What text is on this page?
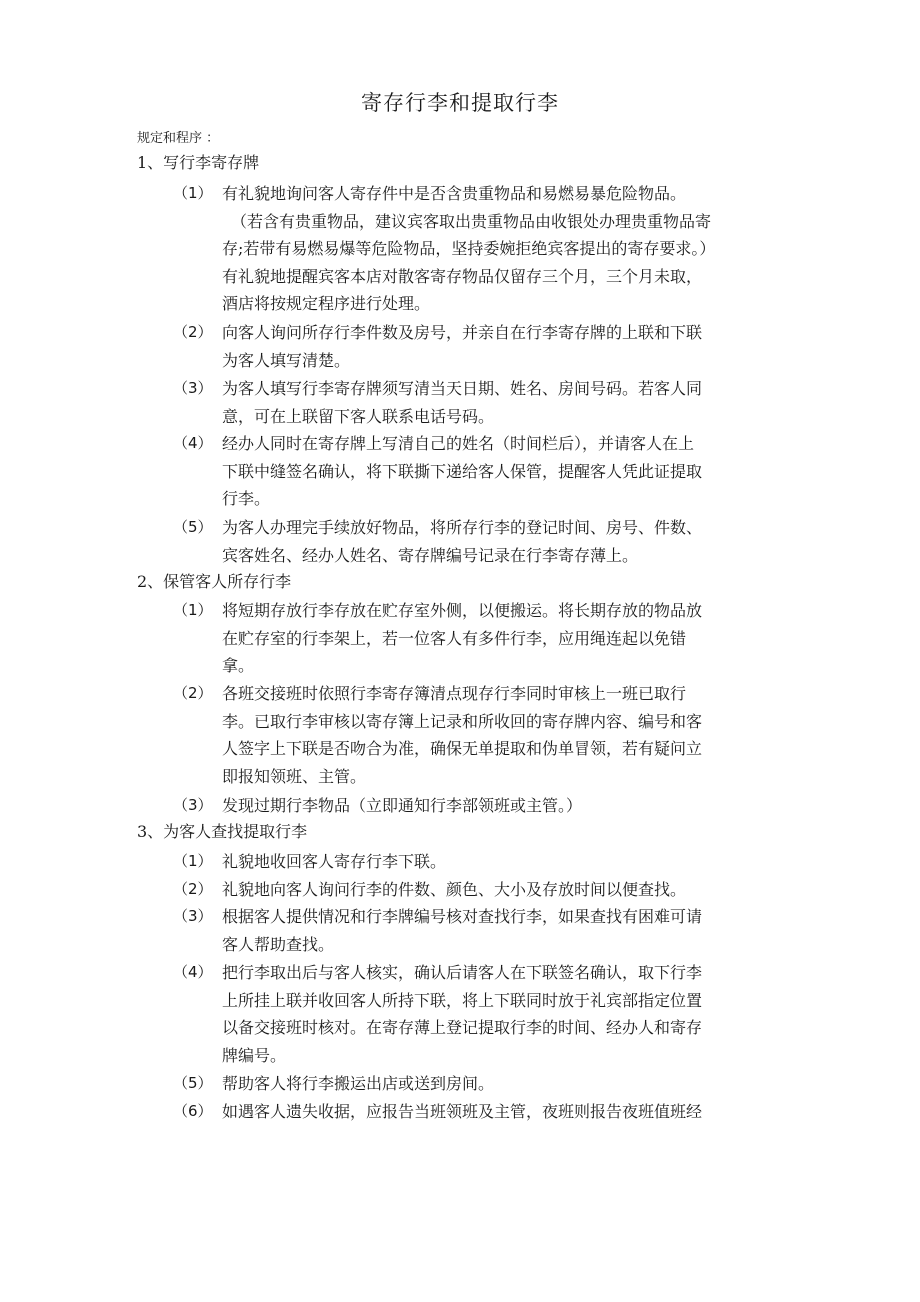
寄存行李和提取行李
规定和程序 ：
1、写行李寄存牌
（1） 有礼貌地询问客人寄存件中是否含贵重物品和易燃易暴危险物品。
（若含有贵重物品，建议宾客取出贵重物品由收银处办理贵重物品寄
存;若带有易燃易爆等危险物品，坚持委婉拒绝宾客提出的寄存要求。）
有礼貌地提醒宾客本店对散客寄存物品仅留存三个月，三个月未取，
酒店将按规定程序进行处理。
（2） 向客人询问所存行李件数及房号，并亲自在行李寄存牌的上联和下联
为客人填写清楚。
（3） 为客人填写行李寄存牌须写清当天日期、姓名、房间号码。若客人同
意，可在上联留下客人联系电话号码。
（4） 经办人同时在寄存牌上写清自己的姓名（时间栏后），并请客人在上
下联中缝签名确认，将下联撕下递给客人保管，提醒客人凭此证提取
行李。
（5） 为客人办理完手续放好物品，将所存行李的登记时间、房号、件数、
宾客姓名、经办人姓名、寄存牌编号记录在行李寄存薄上。
2、保管客人所存行李
（1） 将短期存放行李存放在贮存室外侧，以便搬运。将长期存放的物品放
在贮存室的行李架上，若一位客人有多件行李，应用绳连起以免错
拿。
（2） 各班交接班时依照行李寄存簿清点现存行李同时审核上一班已取行
李。已取行李审核以寄存簿上记录和所收回的寄存牌内容、编号和客
人签字上下联是否吻合为准，确保无单提取和伪单冒领，若有疑问立
即报知领班、主管。
（3） 发现过期行李物品（立即通知行李部领班或主管。）
3、为客人查找提取行李
（1） 礼貌地收回客人寄存行李下联。
（2） 礼貌地向客人询问行李的件数、颜色、大小及存放时间以便查找。
（3） 根据客人提供情况和行李牌编号核对查找行李，如果查找有困难可请
客人帮助查找。
（4） 把行李取出后与客人核实，确认后请客人在下联签名确认，取下行李
上所挂上联并收回客人所持下联，将上下联同时放于礼宾部指定位置
以备交接班时核对。在寄存薄上登记提取行李的时间、经办人和寄存
牌编号。
（5） 帮助客人将行李搬运出店或送到房间。
（6） 如遇客人遗失收据，应报告当班领班及主管，夜班则报告夜班值班经
